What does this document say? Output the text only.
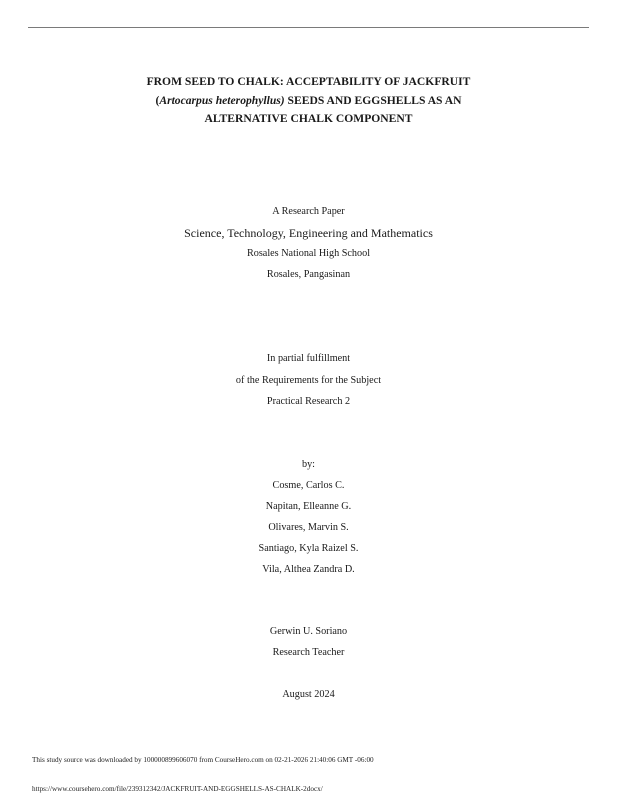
FROM SEED TO CHALK: ACCEPTABILITY OF JACKFRUIT
(Artocarpus heterophyllus) SEEDS AND EGGSHELLS AS AN
ALTERNATIVE CHALK COMPONENT
A Research Paper
Science, Technology, Engineering and Mathematics
Rosales National High School
Rosales, Pangasinan
In partial fulfillment
of the Requirements for the Subject
Practical Research 2
by:
Cosme, Carlos C.
Napitan, Elleanne G.
Olivares, Marvin S.
Santiago, Kyla Raizel S.
Vila, Althea Zandra D.
Gerwin U. Soriano
Research Teacher
August 2024
This study source was downloaded by 100000899606070 from CourseHero.com on 02-21-2026 21:40:06 GMT -06:00
https://www.coursehero.com/file/239312342/JACKFRUIT-AND-EGGSHELLS-AS-CHALK-2docx/
